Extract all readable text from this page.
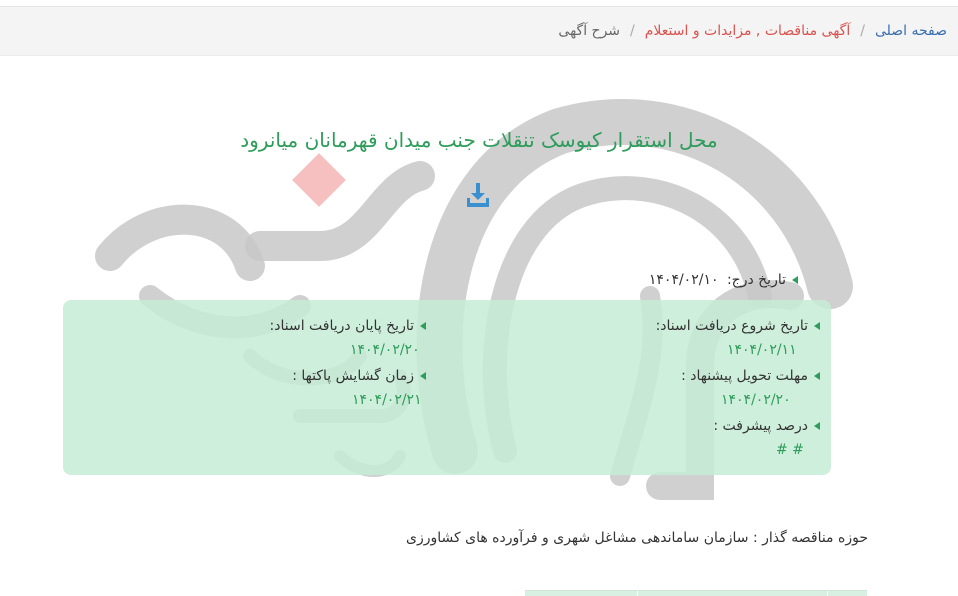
صفحه اصلی
/
آگهی مناقصات , مزایدات و استعلام
/
شرح آگهی
محل استقرار کیوسک تنقلات جنب میدان قهرمانان میانرود
تاریخ درج: ۱۴۰۴/۰۲/۱۰
تاریخ شروع دریافت اسناد:
۱۴۰۴/۰۲/۱۱
تاریخ پایان دریافت اسناد:
۱۴۰۴/۰۲/۲۰
مهلت تحویل پیشنهاد :
۱۴۰۴/۰۲/۲۰
زمان گشایش پاکتها :
۱۴۰۴/۰۲/۲۱
درصد پیشرفت :
# #
حوزه مناقصه گذار : سازمان ساماندهی مشاغل شهری و فرآورده های کشاورزی
